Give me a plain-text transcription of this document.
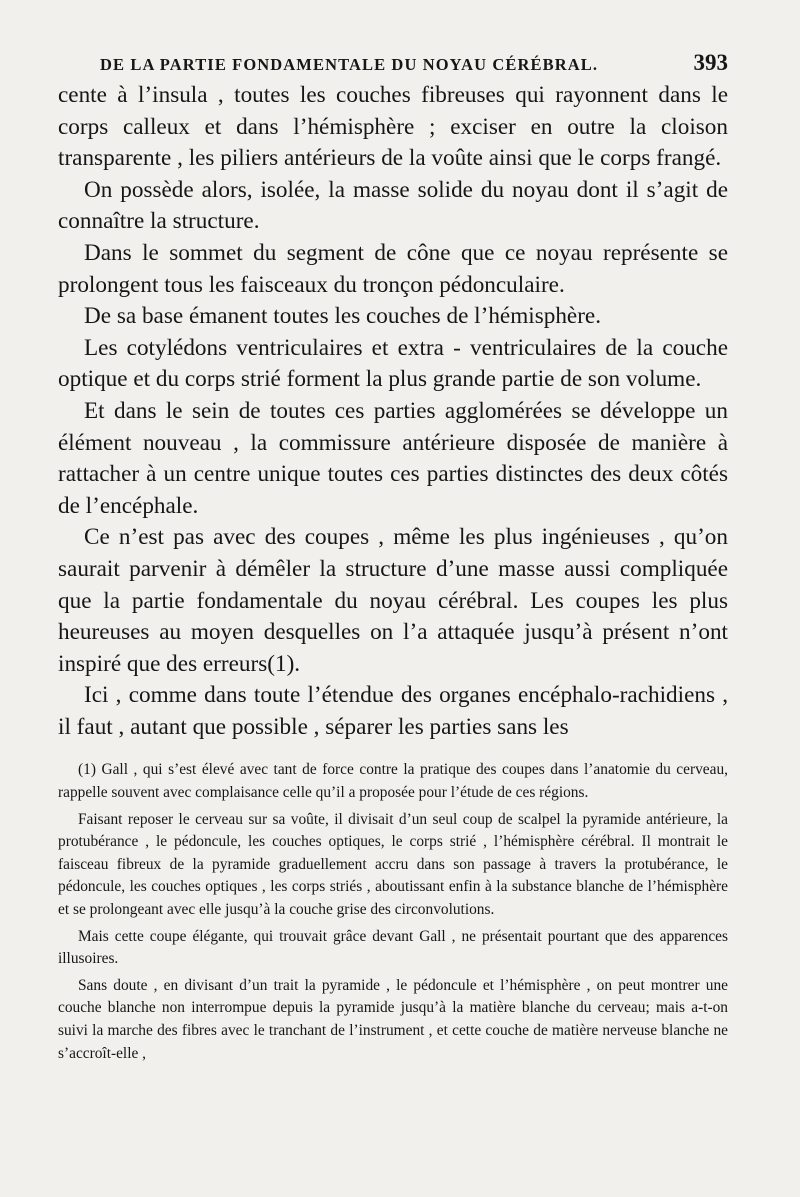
DE LA PARTIE FONDAMENTALE DU NOYAU CÉRÉBRAL.	393

cente à l’insula , toutes les couches fibreuses qui rayonnent dans le corps calleux et dans l’hémisphère ; exciser en outre la cloison transparente , les piliers antérieurs de la voûte ainsi que le corps frangé.

On possède alors, isolée, la masse solide du noyau dont il s’agit de connaître la structure.

Dans le sommet du segment de cône que ce noyau représente se prolongent tous les faisceaux du tronçon pédonculaire.

De sa base émanent toutes les couches de l’hémisphère.

Les cotylédons ventriculaires et extra - ventriculaires de la couche optique et du corps strié forment la plus grande partie de son volume.

Et dans le sein de toutes ces parties agglomérées se développe un élément nouveau , la commissure antérieure disposée de manière à rattacher à un centre unique toutes ces parties distinctes des deux côtés de l’encéphale.

Ce n’est pas avec des coupes , même les plus ingénieuses , qu’on saurait parvenir à démêler la structure d’une masse aussi compliquée que la partie fondamentale du noyau cérébral. Les coupes les plus heureuses au moyen desquelles on l’a attaquée jusqu’à présent n’ont inspiré que des erreurs(1).

Ici , comme dans toute l’étendue des organes encéphalo-rachidiens , il faut , autant que possible , séparer les parties sans les

(1) Gall , qui s’est élevé avec tant de force contre la pratique des coupes dans l’anatomie du cerveau, rappelle souvent avec complaisance celle qu’il a proposée pour l’étude de ces régions.

Faisant reposer le cerveau sur sa voûte, il divisait d’un seul coup de scalpel la pyramide antérieure, la protubérance , le pédoncule, les couches optiques, le corps strié , l’hémisphère cérébral. Il montrait le faisceau fibreux de la pyramide graduellement accru dans son passage à travers la protubérance, le pédoncule, les couches optiques , les corps striés , aboutissant enfin à la substance blanche de l’hémisphère et se prolongeant avec elle jusqu’à la couche grise des circonvolutions.

Mais cette coupe élégante, qui trouvait grâce devant Gall , ne présentait pourtant que des apparences illusoires.

Sans doute , en divisant d’un trait la pyramide , le pédoncule et l’hémisphère , on peut montrer une couche blanche non interrompue depuis la pyramide jusqu’à la matière blanche du cerveau; mais a-t-on suivi la marche des fibres avec le tranchant de l’instrument , et cette couche de matière nerveuse blanche ne s’accroît-elle ,
